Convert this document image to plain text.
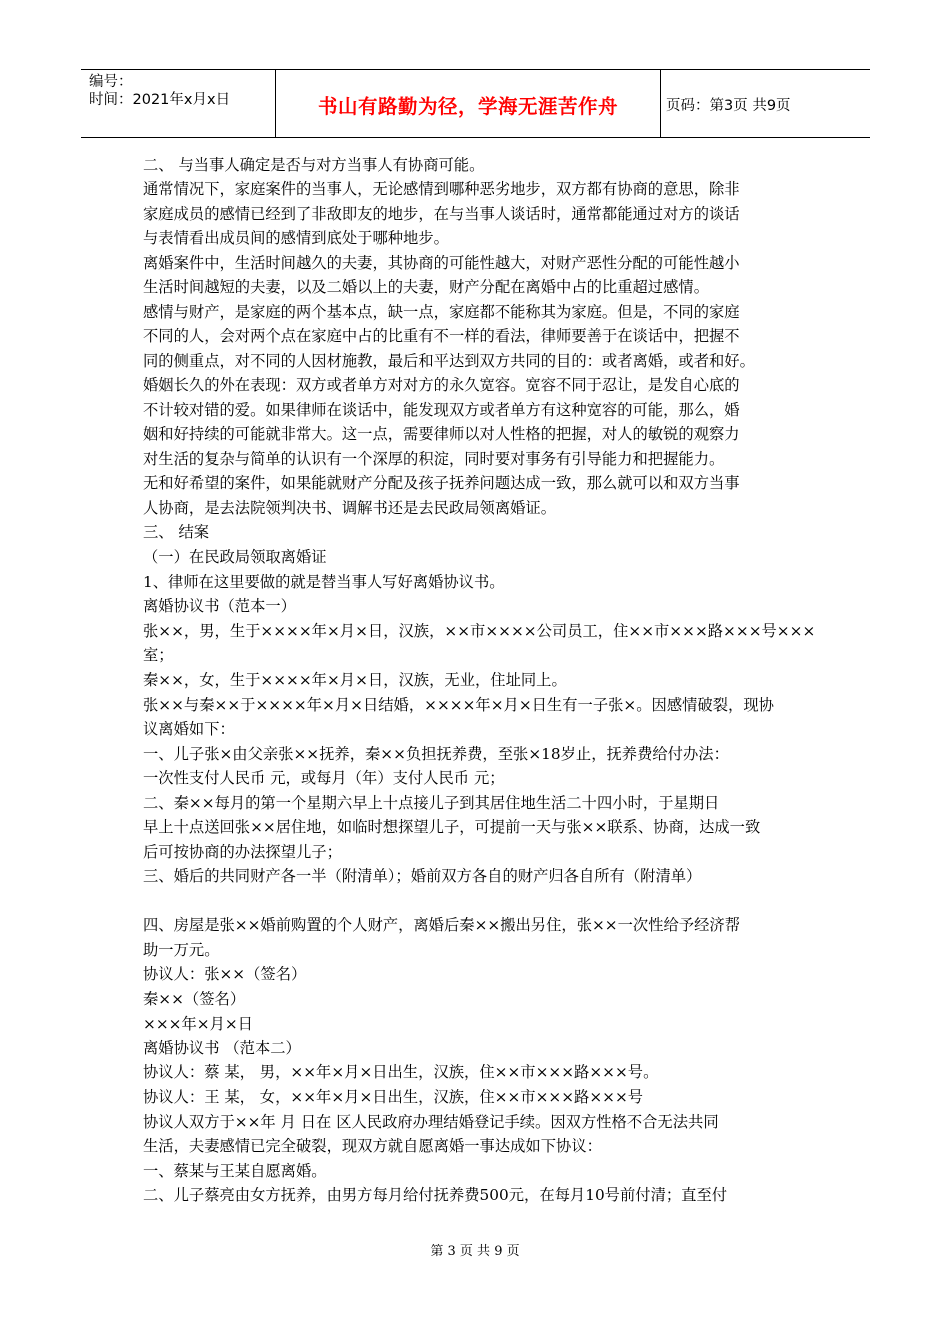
编号：
时间：2021年x月x日	书山有路勤为径，学海无涯苦作舟	页码：第3页 共9页
二、 与当事人确定是否与对方当事人有协商可能。
通常情况下，家庭案件的当事人，无论感情到哪种恶劣地步，双方都有协商的意思，除非
家庭成员的感情已经到了非敌即友的地步，在与当事人谈话时，通常都能通过对方的谈话
与表情看出成员间的感情到底处于哪种地步。
离婚案件中，生活时间越久的夫妻，其协商的可能性越大，对财产恶性分配的可能性越小
生活时间越短的夫妻，以及二婚以上的夫妻，财产分配在离婚中占的比重超过感情。
感情与财产，是家庭的两个基本点，缺一点，家庭都不能称其为家庭。但是，不同的家庭
不同的人，会对两个点在家庭中占的比重有不一样的看法，律师要善于在谈话中，把握不
同的侧重点，对不同的人因材施教，最后和平达到双方共同的目的：或者离婚，或者和好。
婚姻长久的外在表现：双方或者单方对对方的永久宽容。宽容不同于忍让，是发自心底的
不计较对错的爱。如果律师在谈话中，能发现双方或者单方有这种宽容的可能，那么，婚
姻和好持续的可能就非常大。这一点，需要律师以对人性格的把握，对人的敏锐的观察力
对生活的复杂与简单的认识有一个深厚的积淀，同时要对事务有引导能力和把握能力。
无和好希望的案件，如果能就财产分配及孩子抚养问题达成一致，那么就可以和双方当事
人协商，是去法院领判决书、调解书还是去民政局领离婚证。
三、 结案
（一）在民政局领取离婚证
1、律师在这里要做的就是替当事人写好离婚协议书。
离婚协议书（范本一）
张××，男，生于××××年×月×日，汉族，××市××××公司员工，住××市×××路×××号×××
室；
秦××，女，生于××××年×月×日，汉族，无业，住址同上。
张××与秦××于××××年×月×日结婚，××××年×月×日生有一子张×。因感情破裂，现协
议离婚如下：
一、儿子张×由父亲张××抚养，秦××负担抚养费，至张×18岁止，抚养费给付办法：
一次性支付人民币 元，或每月（年）支付人民币 元；
二、秦××每月的第一个星期六早上十点接儿子到其居住地生活二十四小时，于星期日
早上十点送回张××居住地，如临时想探望儿子，可提前一天与张××联系、协商，达成一致
后可按协商的办法探望儿子；
三、婚后的共同财产各一半（附清单）；婚前双方各自的财产归各自所有（附清单）
四、房屋是张××婚前购置的个人财产，离婚后秦××搬出另住，张××一次性给予经济帮
助一万元。
协议人：张××（签名）
秦××（签名）
×××年×月×日
离婚协议书 （范本二）
协议人：蔡 某， 男，××年×月×日出生，汉族，住××市×××路×××号。
协议人：王 某， 女，××年×月×日出生，汉族，住××市×××路×××号
协议人双方于××年 月 日在 区人民政府办理结婚登记手续。因双方性格不合无法共同
生活，夫妻感情已完全破裂，现双方就自愿离婚一事达成如下协议：
一、蔡某与王某自愿离婚。
二、儿子蔡亮由女方抚养，由男方每月给付抚养费500元，在每月10号前付清；直至付
第 3 页 共 9 页
